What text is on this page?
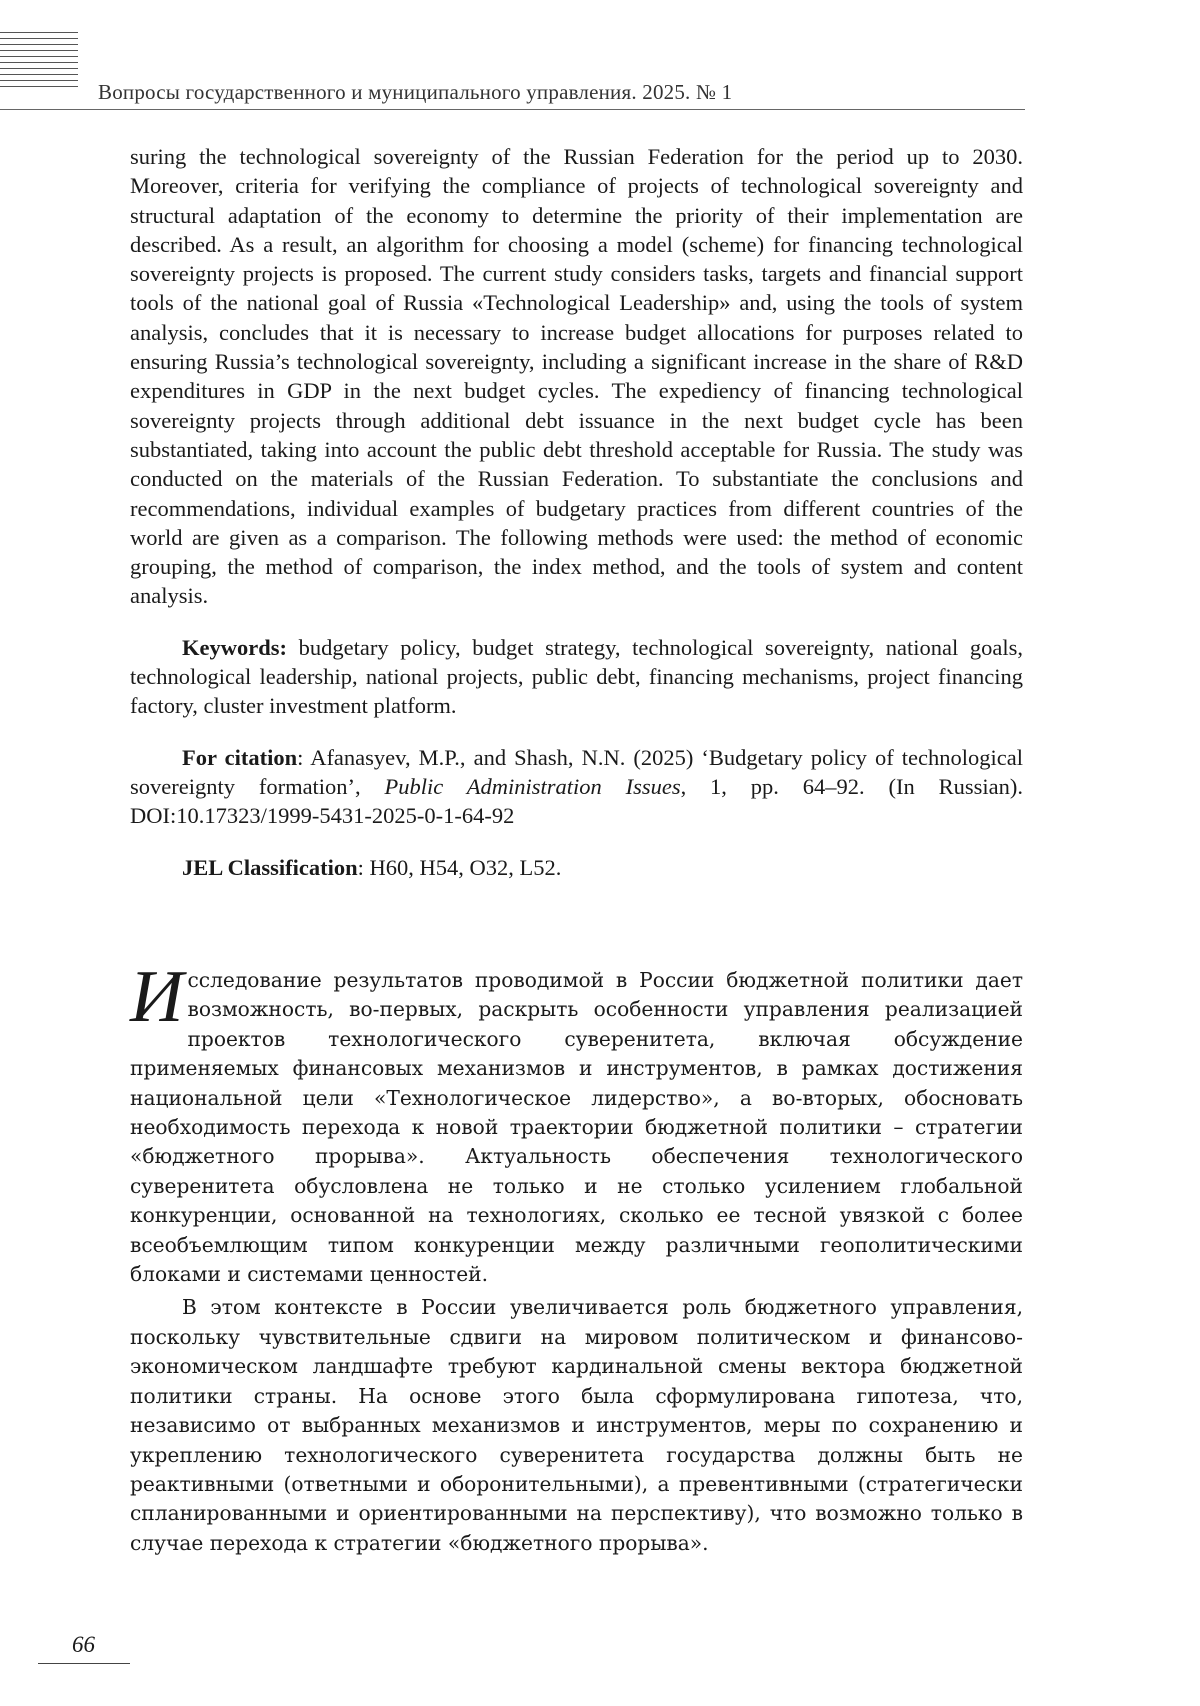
Вопросы государственного и муниципального управления. 2025. № 1

suring the technological sovereignty of the Russian Federation for the period up to 2030. Moreover, criteria for verifying the compliance of projects of technological sovereignty and structural adaptation of the economy to determine the priority of their implementation are described. As a result, an algorithm for choosing a model (scheme) for financing technological sovereignty projects is proposed. The current study considers tasks, targets and financial support tools of the national goal of Russia «Technological Leadership» and, using the tools of system analysis, concludes that it is necessary to increase budget allocations for purposes related to ensuring Russia’s technological sovereignty, including a significant increase in the share of R&D expenditures in GDP in the next budget cycles. The expediency of financing technological sovereignty projects through additional debt issuance in the next budget cycle has been substantiated, taking into account the public debt threshold acceptable for Russia. The study was conducted on the materials of the Russian Federation. To substantiate the conclusions and recommendations, individual examples of budgetary practices from different countries of the world are given as a comparison. The following methods were used: the method of economic grouping, the method of comparison, the index method, and the tools of system and content analysis.

Keywords: budgetary policy, budget strategy, technological sovereignty, national goals, technological leadership, national projects, public debt, financing mechanisms, project financing factory, cluster investment platform.

For citation: Afanasyev, M.P., and Shash, N.N. (2025) ‘Budgetary policy of technological sovereignty formation’, Public Administration Issues, 1, pp. 64–92. (In Russian). DOI:10.17323/1999-5431-2025-0-1-64-92

JEL Classification: H60, H54, O32, L52.

Исследование результатов проводимой в России бюджетной политики дает возможность, во-первых, раскрыть особенности управления реализацией проектов технологического суверенитета, включая обсуждение применяемых финансовых механизмов и инструментов, в рамках достижения национальной цели «Технологическое лидерство», а во-вторых, обосновать необходимость перехода к новой траектории бюджетной политики – стратегии «бюджетного прорыва». Актуальность обеспечения технологического суверенитета обусловлена не только и не столько усилением глобальной конкуренции, основанной на технологиях, сколько ее тесной увязкой с более всеобъемлющим типом конкуренции между различными геополитическими блоками и системами ценностей.

В этом контексте в России увеличивается роль бюджетного управления, поскольку чувствительные сдвиги на мировом политическом и финансово-экономическом ландшафте требуют кардинальной смены вектора бюджетной политики страны. На основе этого была сформулирована гипотеза, что, независимо от выбранных механизмов и инструментов, меры по сохранению и укреплению технологического суверенитета государства должны быть не реактивными (ответными и оборонительными), а превентивными (стратегически спланированными и ориентированными на перспективу), что возможно только в случае перехода к стратегии «бюджетного прорыва».

66
